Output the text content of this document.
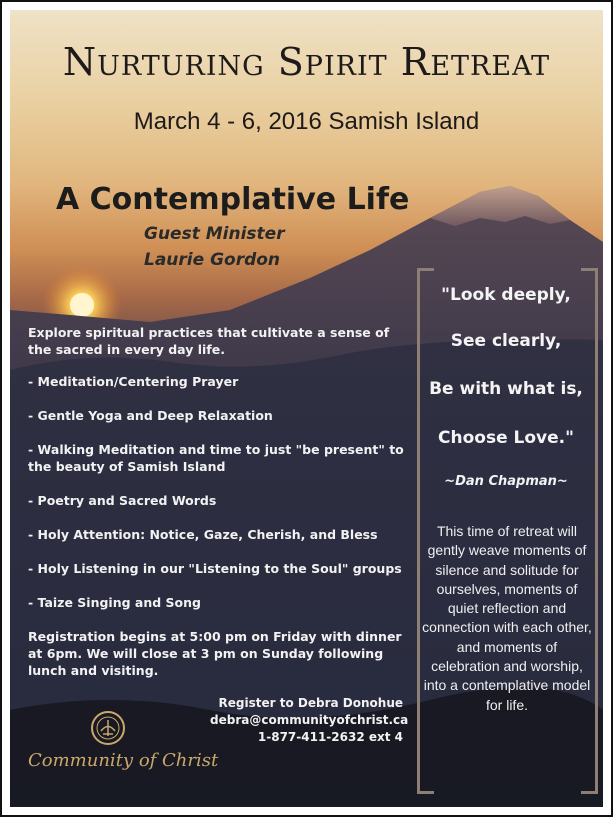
Nurturing Spirit Retreat
March 4 - 6, 2016 Samish Island
A Contemplative Life
Guest Minister
Laurie Gordon
Explore spiritual practices that cultivate a sense of the sacred in every day life.
- Meditation/Centering Prayer
- Gentle Yoga and Deep Relaxation
- Walking Meditation and time to just "be present" to the beauty of Samish Island
- Poetry and Sacred Words
- Holy Attention: Notice, Gaze, Cherish, and Bless
- Holy Listening in our "Listening to the Soul" groups
- Taize Singing and Song
Registration begins at 5:00 pm on Friday with dinner at 6pm. We will close at 3 pm on Sunday following lunch and visiting.
Register to Debra Donohue
debra@communityofchrist.ca
1-877-411-2632 ext 4
"Look deeply,
See clearly,
Be with what is,
Choose Love."
~Dan Chapman~
This time of retreat will gently weave moments of silence and solitude for ourselves, moments of quiet reflection and connection with each other, and moments of celebration and worship, into a contemplative model for life.
Community of Christ
